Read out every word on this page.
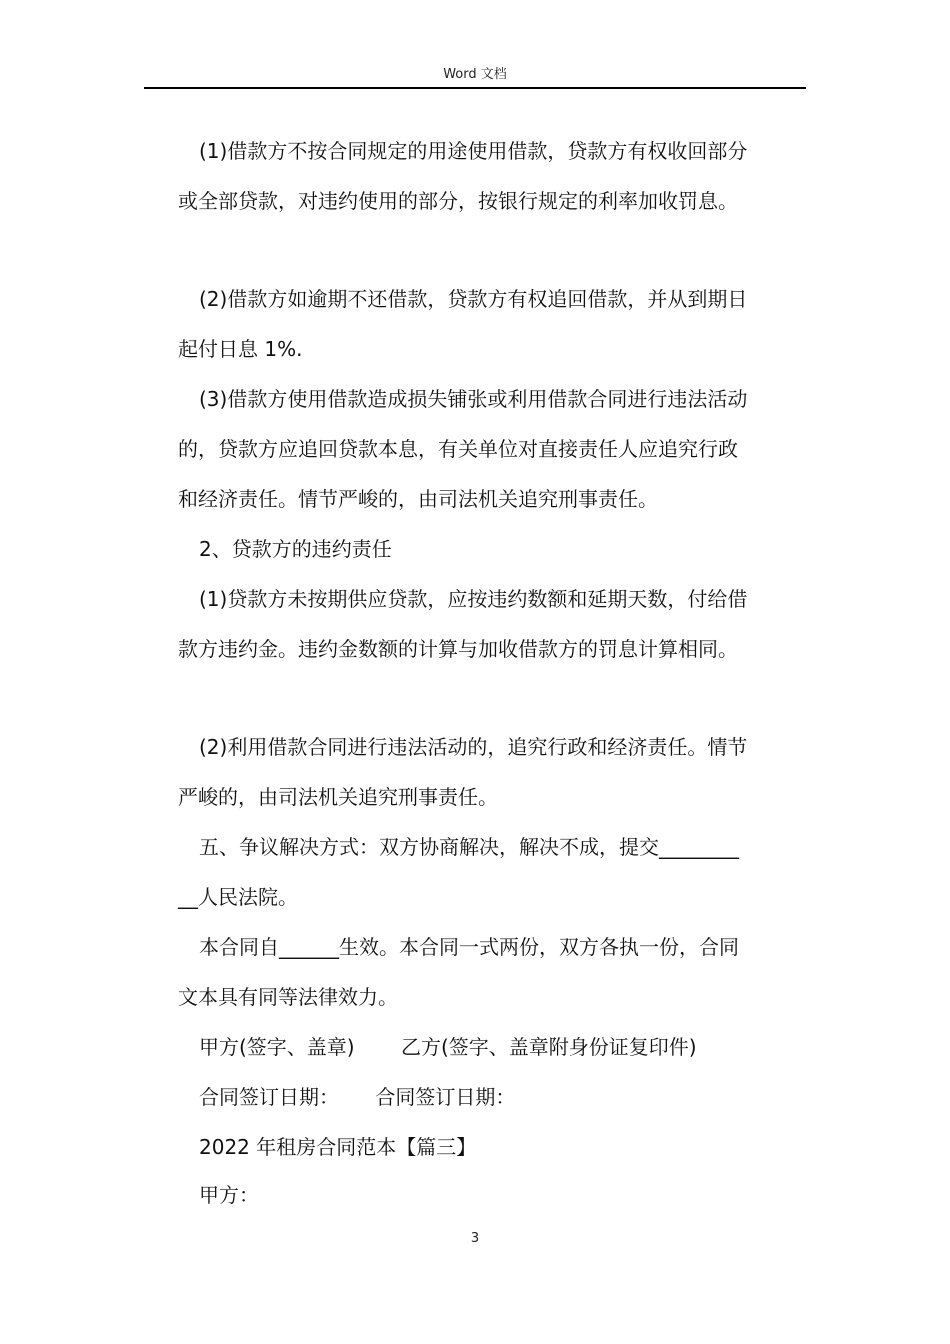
Word 文档

(1)借款方不按合同规定的用途使用借款，贷款方有权收回部分
或全部贷款，对违约使用的部分，按银行规定的利率加收罚息。

(2)借款方如逾期不还借款，贷款方有权追回借款，并从到期日
起付日息 1%.

(3)借款方使用借款造成损失铺张或利用借款合同进行违法活动
的，贷款方应追回贷款本息，有关单位对直接责任人应追究行政
和经济责任。情节严峻的，由司法机关追究刑事责任。

2、贷款方的违约责任

(1)贷款方未按期供应贷款，应按违约数额和延期天数，付给借
款方违约金。违约金数额的计算与加收借款方的罚息计算相同。

(2)利用借款合同进行违法活动的，追究行政和经济责任。情节
严峻的，由司法机关追究刑事责任。

五、争议解决方式：双方协商解决，解决不成，提交________
__人民法院。

本合同自______生效。本合同一式两份，双方各执一份，合同
文本具有同等法律效力。

甲方(签字、盖章)　　 乙方(签字、盖章附身份证复印件)

合同签订日期：　　 合同签订日期：

2022 年租房合同范本【篇三】

甲方：

3
